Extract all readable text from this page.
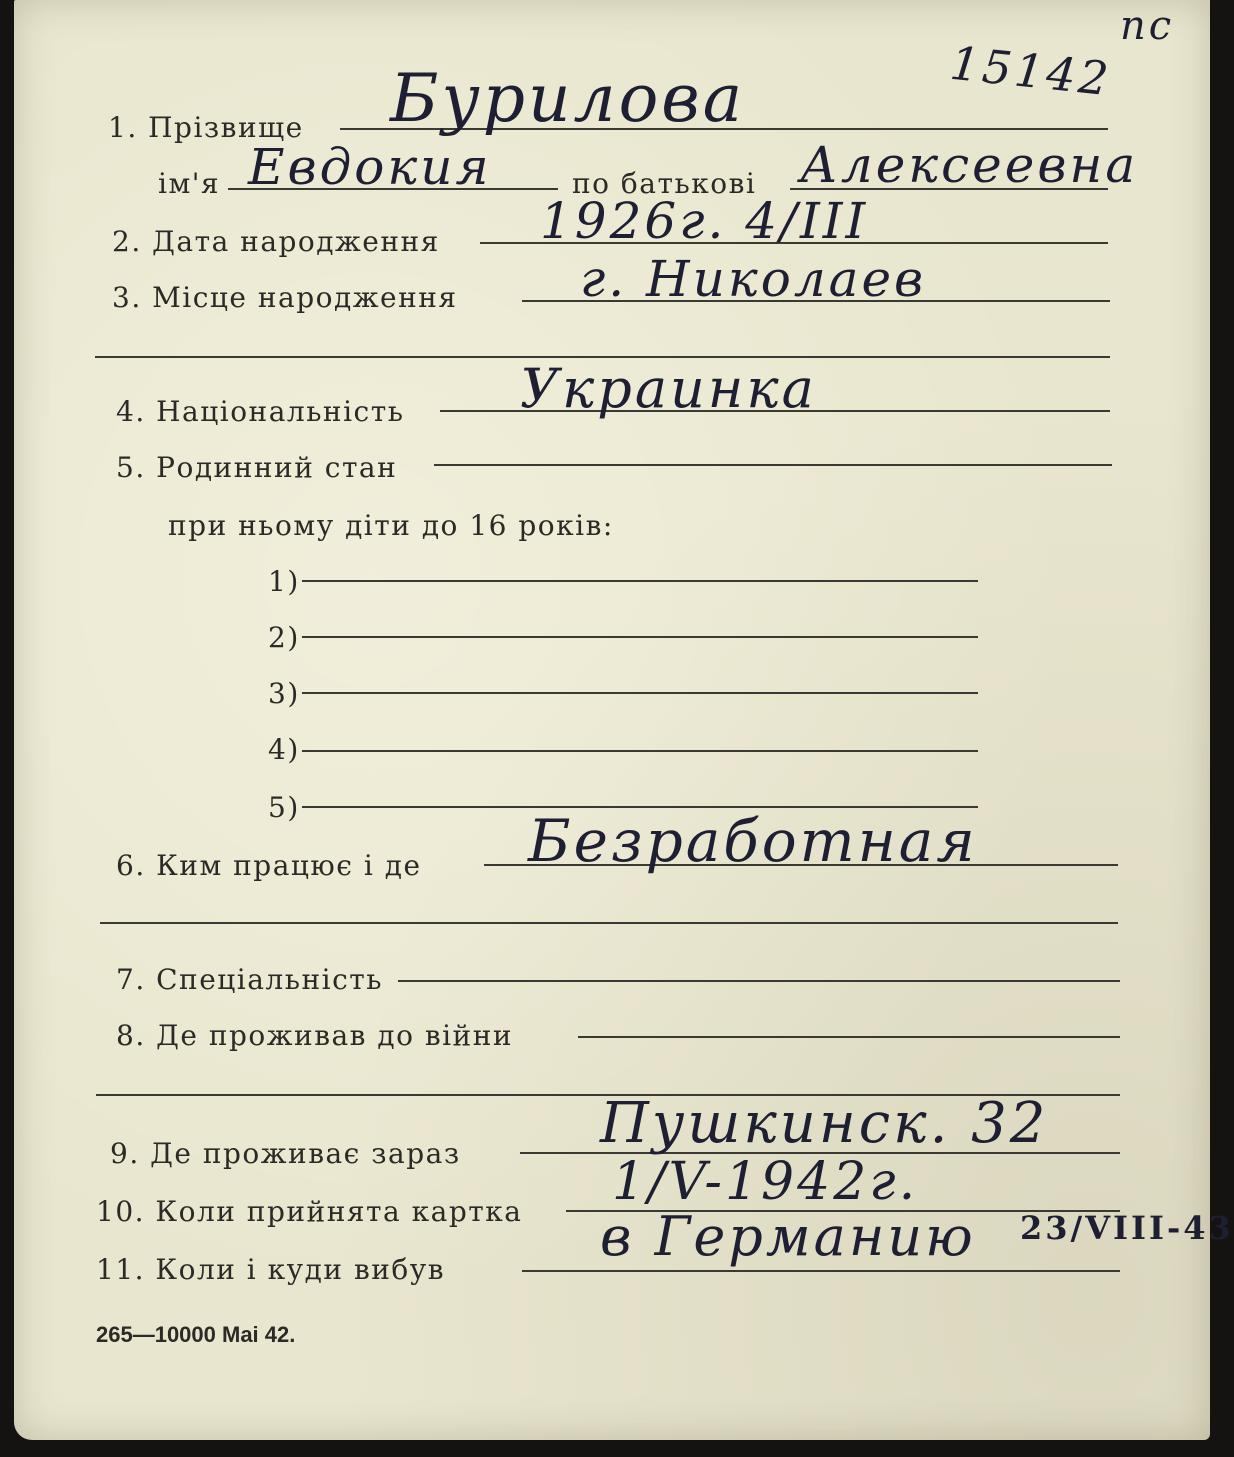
пс
15142
1. Прізвище Бурилова
ім'я Евдокия	по батькові Алексеевна
2. Дата народження 1926г. 4/III
3. Місце народження г. Николаев
4. Національність Украинка
5. Родинний стан
при ньому діти до 16 років:
1)
2)
3)
4)
5)
6. Ким працює і де Безработная
7. Спеціальність
8. Де проживав до війни
9. Де проживає зараз Пушкинск. 32
10. Коли прийнята картка 1/V-1942г.
11. Коли і куди вибув
в Германию 23/VIII-43
265—10000 Mai 42.
